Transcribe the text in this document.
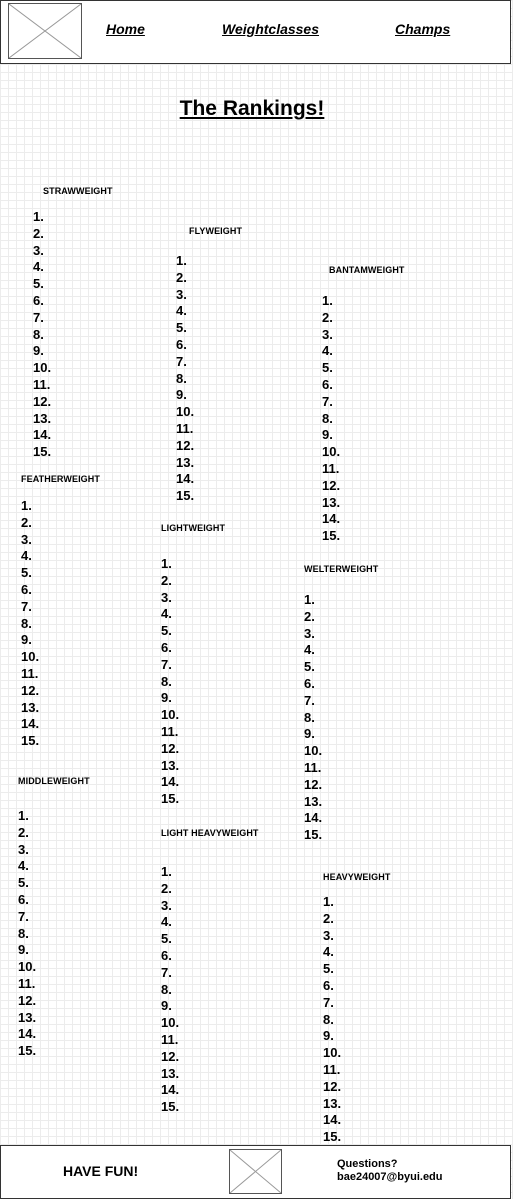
Home	Weightclasses	Champs
The Rankings!
STRAWWEIGHT
1.
2.
3.
4.
5.
6.
7.
8.
9.
10.
11.
12.
13.
14.
15.
FLYWEIGHT
1.
2.
3.
4.
5.
6.
7.
8.
9.
10.
11.
12.
13.
14.
15.
BANTAMWEIGHT
1.
2.
3.
4.
5.
6.
7.
8.
9.
10.
11.
12.
13.
14.
15.
FEATHERWEIGHT
1.
2.
3.
4.
5.
6.
7.
8.
9.
10.
11.
12.
13.
14.
15.
LIGHTWEIGHT
1.
2.
3.
4.
5.
6.
7.
8.
9.
10.
11.
12.
13.
14.
15.
WELTERWEIGHT
1.
2.
3.
4.
5.
6.
7.
8.
9.
10.
11.
12.
13.
14.
15.
MIDDLEWEIGHT
1.
2.
3.
4.
5.
6.
7.
8.
9.
10.
11.
12.
13.
14.
15.
LIGHT HEAVYWEIGHT
1.
2.
3.
4.
5.
6.
7.
8.
9.
10.
11.
12.
13.
14.
15.
HEAVYWEIGHT
1.
2.
3.
4.
5.
6.
7.
8.
9.
10.
11.
12.
13.
14.
15.
HAVE FUN!	Questions?
bae24007@byui.edu
